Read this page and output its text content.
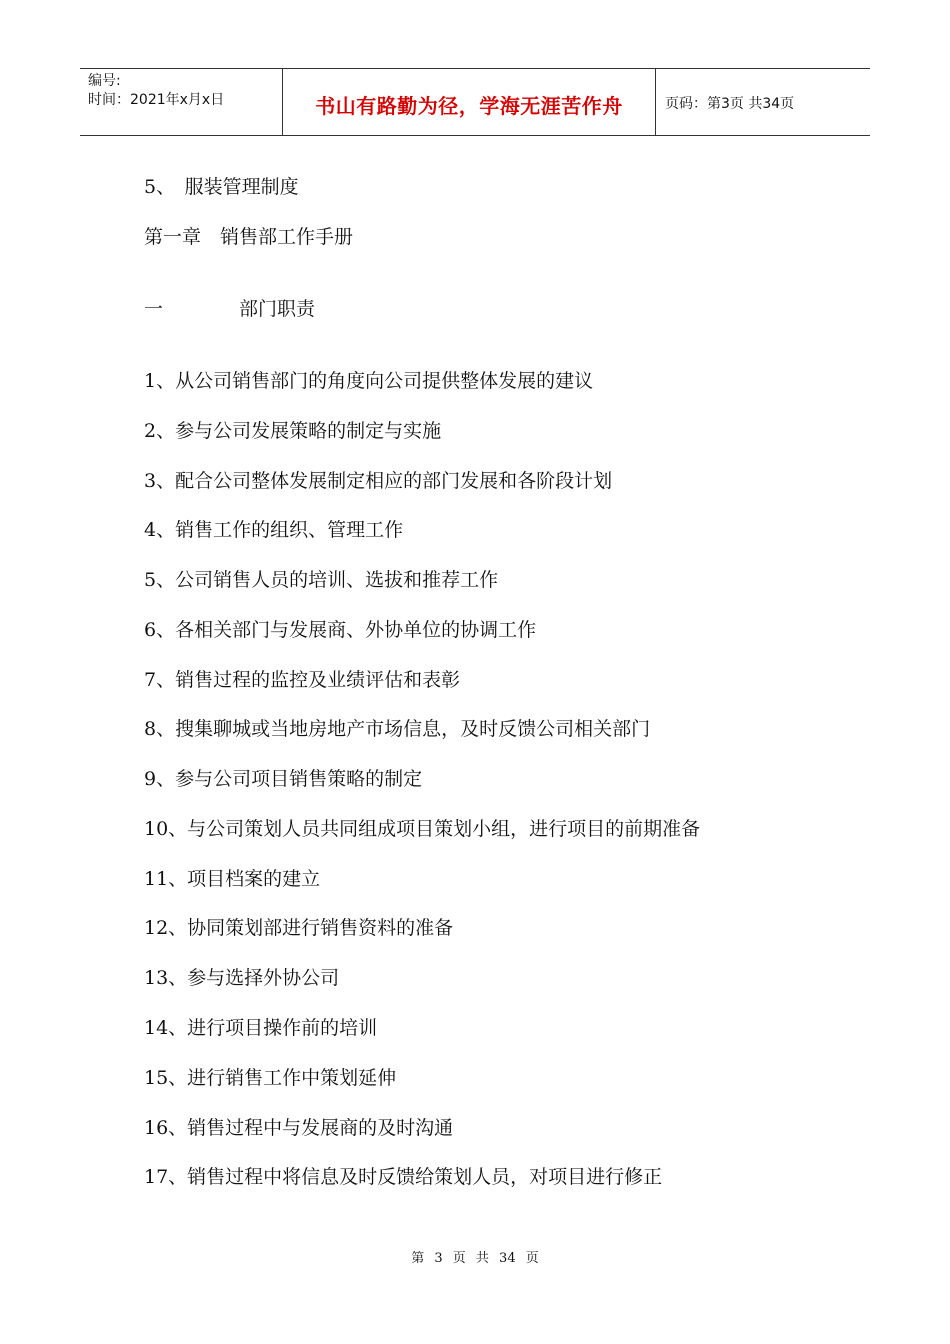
编号:
时间：2021年x月x日	书山有路勤为径，学海无涯苦作舟	页码：第3页 共34页
5、　服装管理制度
第一章　销售部工作手册
一　　　　部门职责
1、从公司销售部门的角度向公司提供整体发展的建议
2、参与公司发展策略的制定与实施
3、配合公司整体发展制定相应的部门发展和各阶段计划
4、销售工作的组织、管理工作
5、公司销售人员的培训、选拔和推荐工作
6、各相关部门与发展商、外协单位的协调工作
7、销售过程的监控及业绩评估和表彰
8、搜集聊城或当地房地产市场信息，及时反馈公司相关部门
9、参与公司项目销售策略的制定
10、与公司策划人员共同组成项目策划小组，进行项目的前期准备
11、项目档案的建立
12、协同策划部进行销售资料的准备
13、参与选择外协公司
14、进行项目操作前的培训
15、进行销售工作中策划延伸
16、销售过程中与发展商的及时沟通
17、销售过程中将信息及时反馈给策划人员，对项目进行修正
第 3 页 共 34 页
